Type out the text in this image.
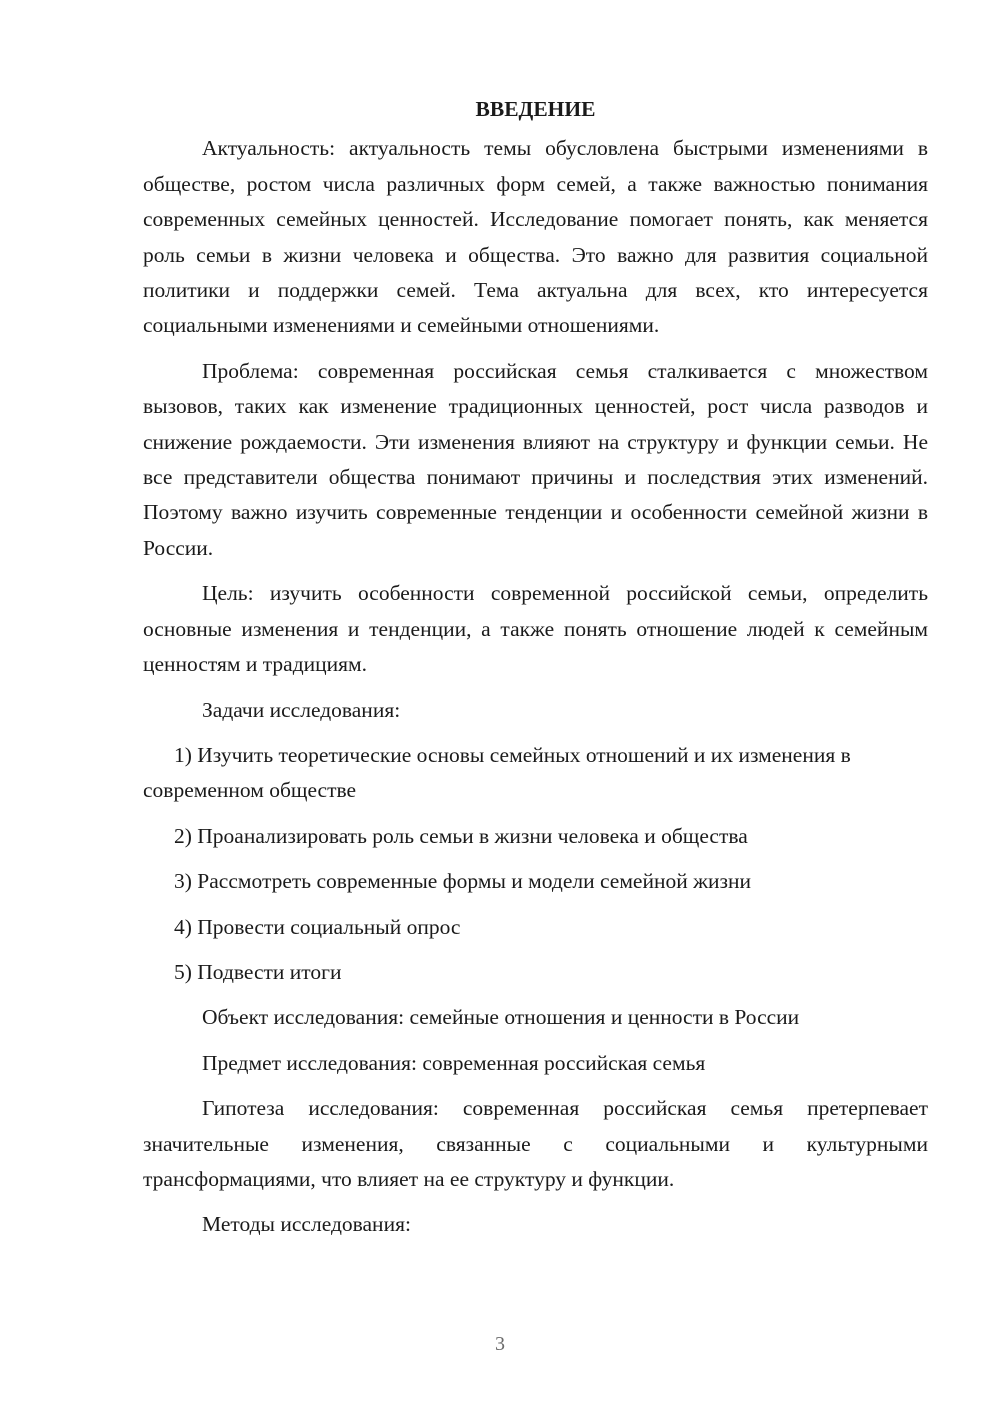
ВВЕДЕНИЕ

Актуальность: актуальность темы обусловлена быстрыми изменениями в обществе, ростом числа различных форм семей, а также важностью понимания современных семейных ценностей. Исследование помогает понять, как меняется роль семьи в жизни человека и общества. Это важно для развития социальной политики и поддержки семей. Тема актуальна для всех, кто интересуется социальными изменениями и семейными отношениями.

Проблема: современная российская семья сталкивается с множеством вызовов, таких как изменение традиционных ценностей, рост числа разводов и снижение рождаемости. Эти изменения влияют на структуру и функции семьи. Не все представители общества понимают причины и последствия этих изменений. Поэтому важно изучить современные тенденции и особенности семейной жизни в России.

Цель: изучить особенности современной российской семьи, определить основные изменения и тенденции, а также понять отношение людей к семейным ценностям и традициям.

Задачи исследования:

1) Изучить теоретические основы семейных отношений и их изменения в современном обществе

2) Проанализировать роль семьи в жизни человека и общества

3) Рассмотреть современные формы и модели семейной жизни

4) Провести социальный опрос

5) Подвести итоги

Объект исследования: семейные отношения и ценности в России

Предмет исследования: современная российская семья

Гипотеза исследования: современная российская семья претерпевает значительные изменения, связанные с социальными и культурными трансформациями, что влияет на ее структуру и функции.

Методы исследования:

3
